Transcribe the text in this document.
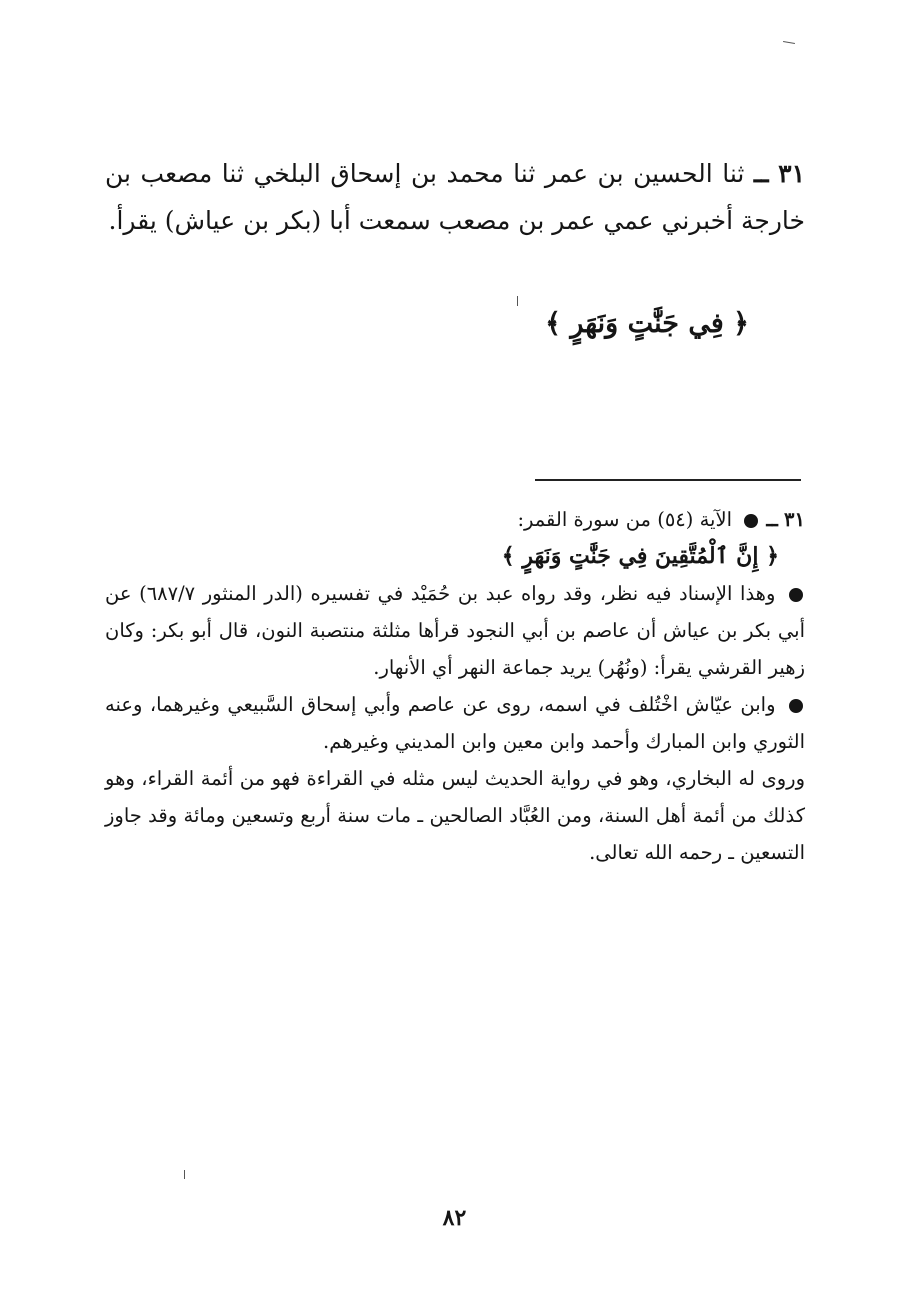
٣١ ــ ثنا الحسين بن عمر ثنا محمد بن إسحاق البلخي ثنا مصعب بن خارجة أخبرني عمي عمر بن مصعب سمعت أبا (بكر بن عياش) يقرأ.

﴿ فِي جَنَّٰتٍ وَنَهَرٍ ﴾

٣١ ــ  الآية (٥٤) من سورة القمر:

﴿ إِنَّ ٱلْمُتَّقِينَ فِي جَنَّٰتٍ وَنَهَرٍ ﴾

وهذا الإسناد فيه نظر، وقد رواه عبد بن حُمَيْد في تفسيره (الدر المنثور ٦٨٧/٧) عن أبي بكر بن عياش أن عاصم بن أبي النجود قرأها مثلثة منتصبة النون، قال أبو بكر: وكان زهير القرشي يقرأ: (ونُهُر) يريد جماعة النهر أي الأنهار.

وابن عيّاش اخْتُلف في اسمه، روى عن عاصم وأبي إسحاق السَّبيعي وغيرهما، وعنه الثوري وابن المبارك وأحمد وابن معين وابن المديني وغيرهم.

وروى له البخاري، وهو في رواية الحديث ليس مثله في القراءة فهو من أئمة القراء، وهو كذلك من أئمة أهل السنة، ومن العُبَّاد الصالحين ـ مات سنة أربع وتسعين ومائة وقد جاوز التسعين ـ رحمه الله تعالى.

٨٢
